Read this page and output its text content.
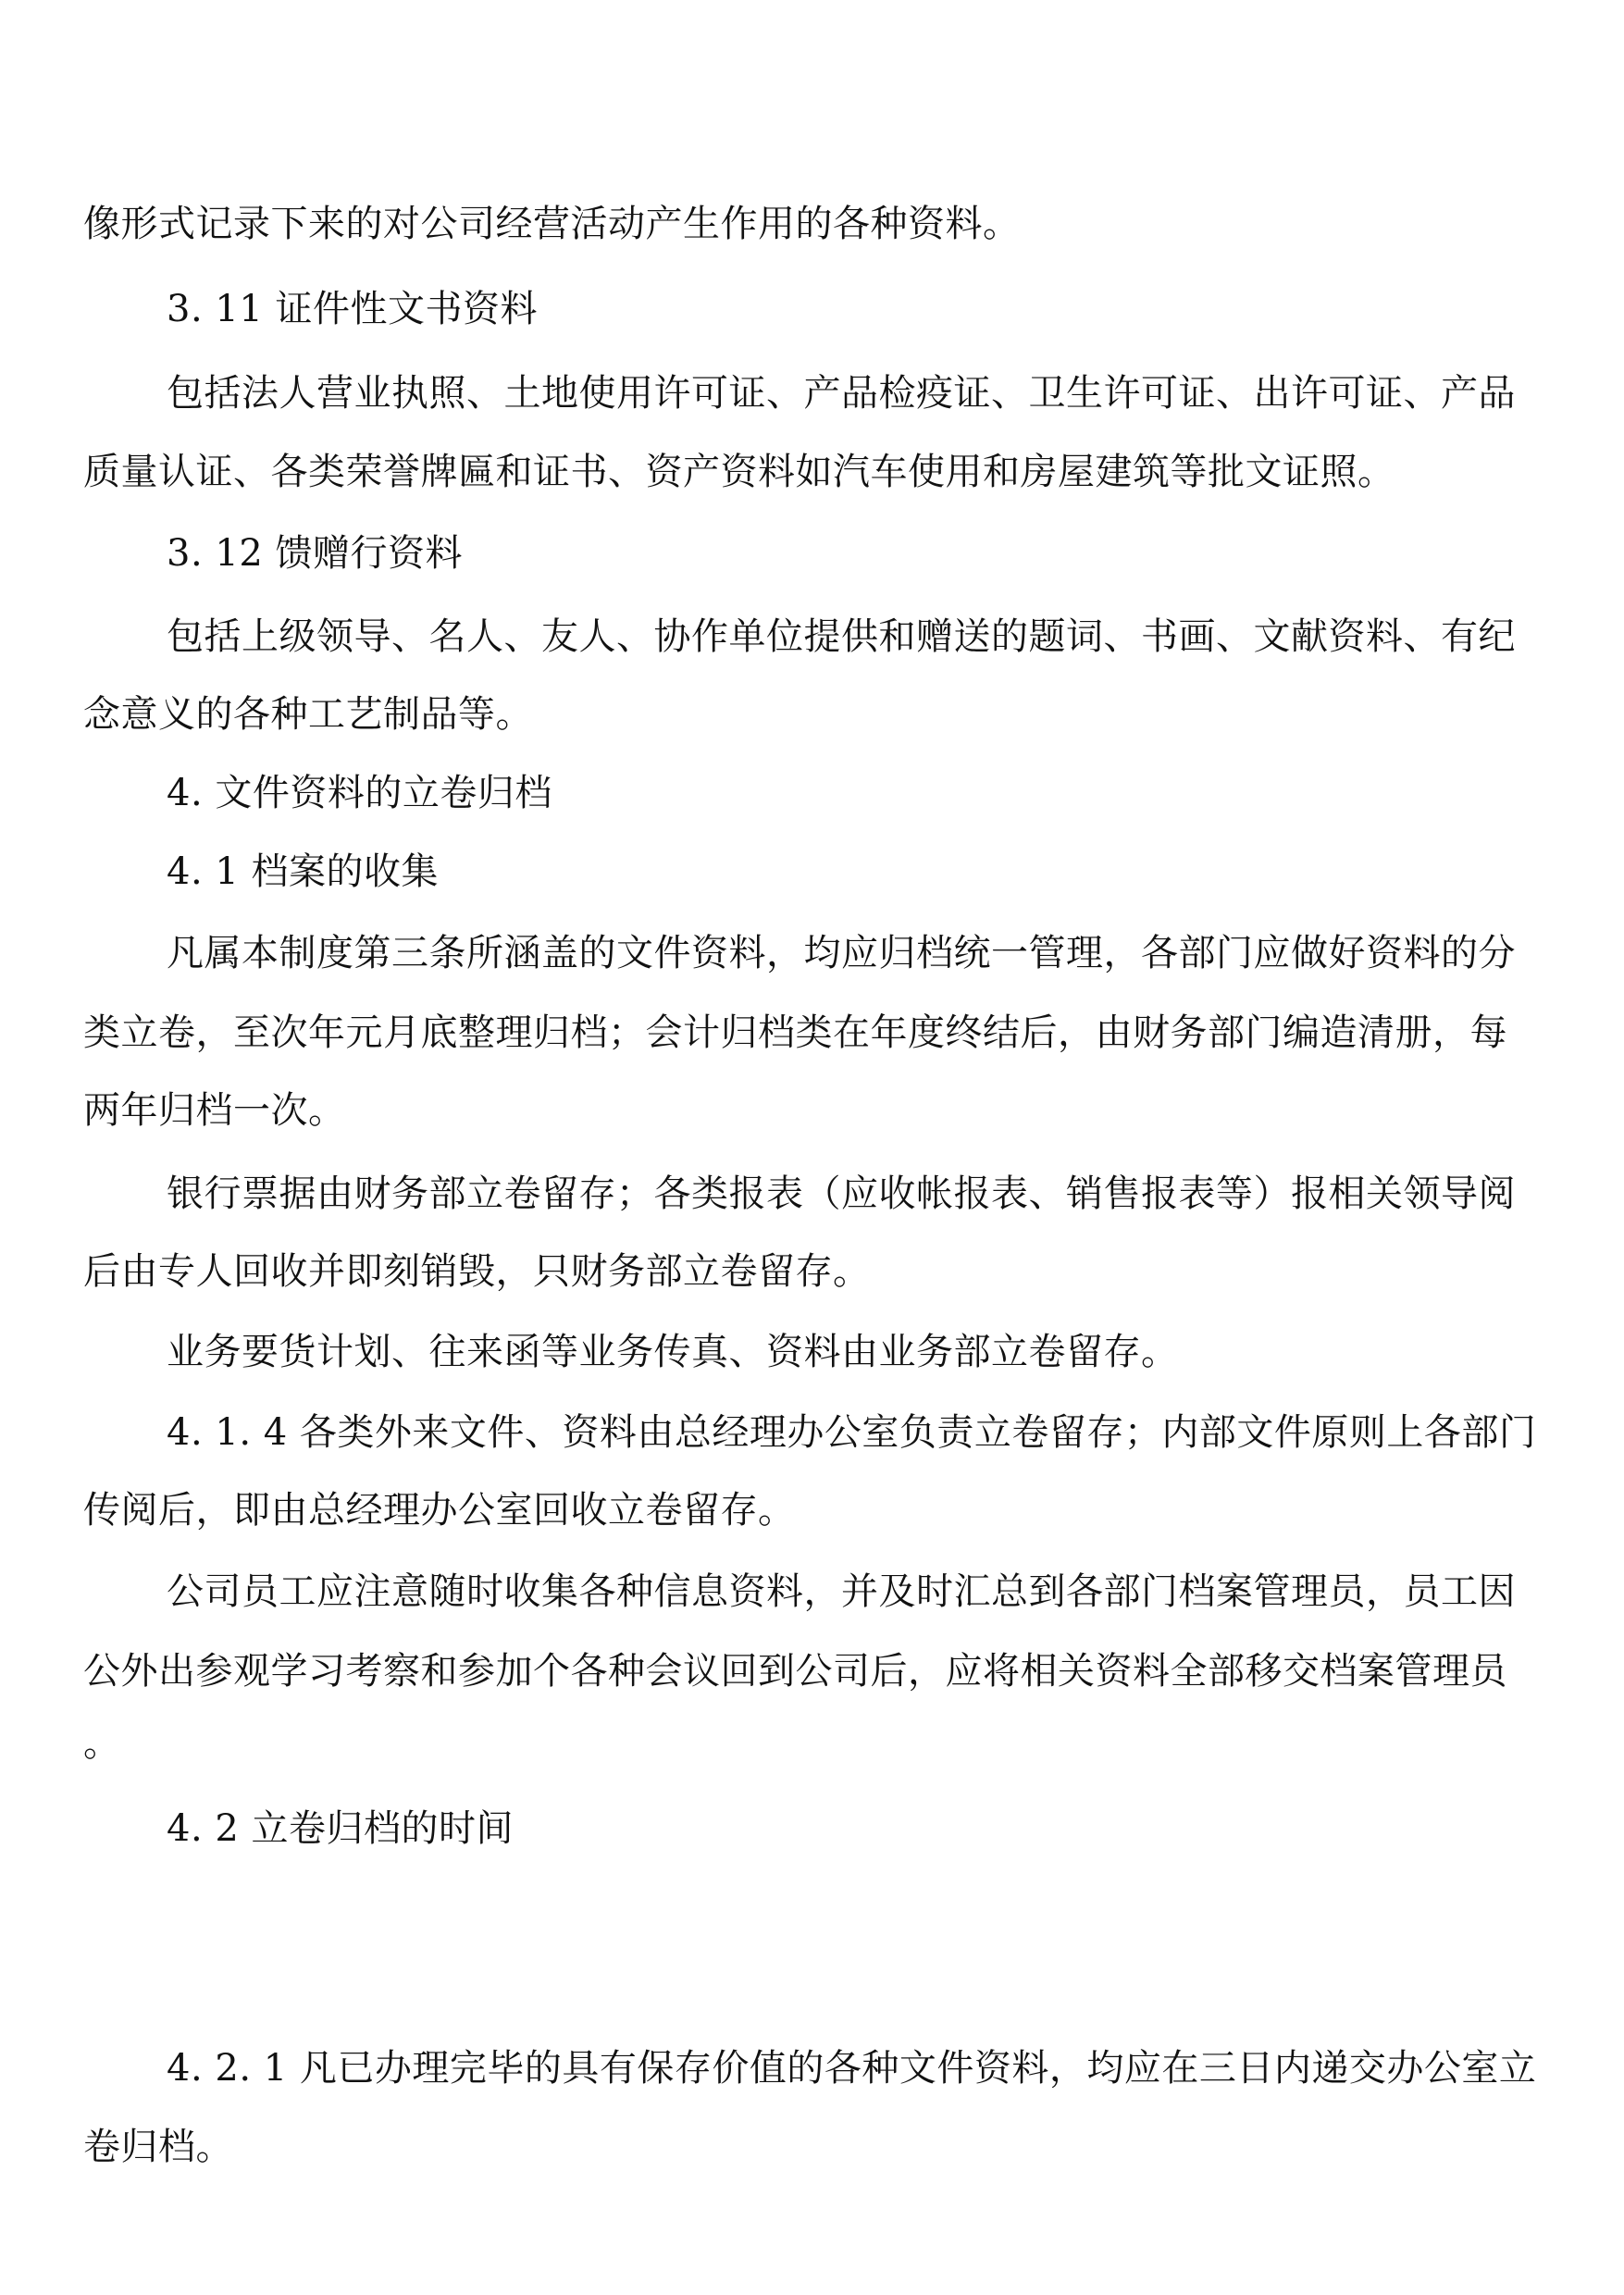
像形式记录下来的对公司经营活动产生作用的各种资料。

3. 11 证件性文书资料

包括法人营业执照、土地使用许可证、产品检疫证、卫生许可证、出许可证、产品

质量认证、各类荣誉牌匾和证书、资产资料如汽车使用和房屋建筑等批文证照。

3. 12 馈赠行资料

包括上级领导、名人、友人、协作单位提供和赠送的题词、书画、文献资料、有纪

念意义的各种工艺制品等。

4. 文件资料的立卷归档

4. 1 档案的收集

凡属本制度第三条所涵盖的文件资料，均应归档统一管理，各部门应做好资料的分

类立卷，至次年元月底整理归档；会计归档类在年度终结后，由财务部门编造清册，每

两年归档一次。

银行票据由财务部立卷留存；各类报表（应收帐报表、销售报表等）报相关领导阅

后由专人回收并即刻销毁，只财务部立卷留存。

业务要货计划、往来函等业务传真、资料由业务部立卷留存。

4. 1. 4 各类外来文件、资料由总经理办公室负责立卷留存；内部文件原则上各部门

传阅后，即由总经理办公室回收立卷留存。

公司员工应注意随时收集各种信息资料，并及时汇总到各部门档案管理员，员工因

公外出参观学习考察和参加个各种会议回到公司后，应将相关资料全部移交档案管理员

。

4. 2 立卷归档的时间

4. 2. 1 凡已办理完毕的具有保存价值的各种文件资料，均应在三日内递交办公室立

卷归档。
